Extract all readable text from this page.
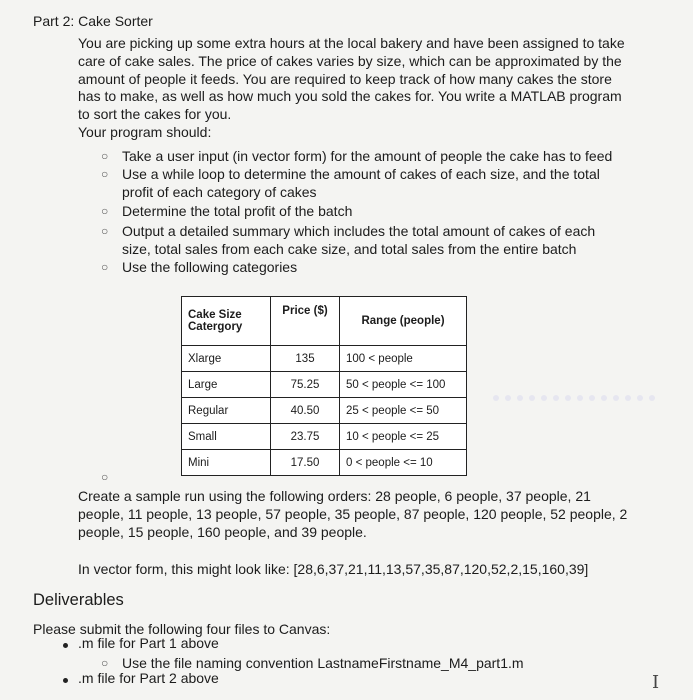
Part 2: Cake Sorter
You are picking up some extra hours at the local bakery and have been assigned to take
care of cake sales. The price of cakes varies by size, which can be approximated by the
amount of people it feeds. You are required to keep track of how many cakes the store
has to make, as well as how much you sold the cakes for. You write a MATLAB program
to sort the cakes for you.
Your program should:
○ Take a user input (in vector form) for the amount of people the cake has to feed
○ Use a while loop to determine the amount of cakes of each size, and the total
profit of each category of cakes
○ Determine the total profit of the batch
○ Output a detailed summary which includes the total amount of cakes of each
size, total sales from each cake size, and total sales from the entire batch
○ Use the following categories
Cake Size Catergory	Price ($)	Range (people)
Xlarge	135	100 < people
Large	75.25	50 < people <= 100
Regular	40.50	25 < people <= 50
Small	23.75	10 < people <= 25
Mini	17.50	0 < people <= 10
○
Create a sample run using the following orders: 28 people, 6 people, 37 people, 21
people, 11 people, 13 people, 57 people, 35 people, 87 people, 120 people, 52 people, 2
people, 15 people, 160 people, and 39 people.
In vector form, this might look like: [28,6,37,21,11,13,57,35,87,120,52,2,15,160,39]
Deliverables
Please submit the following four files to Canvas:
.m file for Part 1 above
○ Use the file naming convention LastnameFirstname_M4_part1.m
.m file for Part 2 above	I
